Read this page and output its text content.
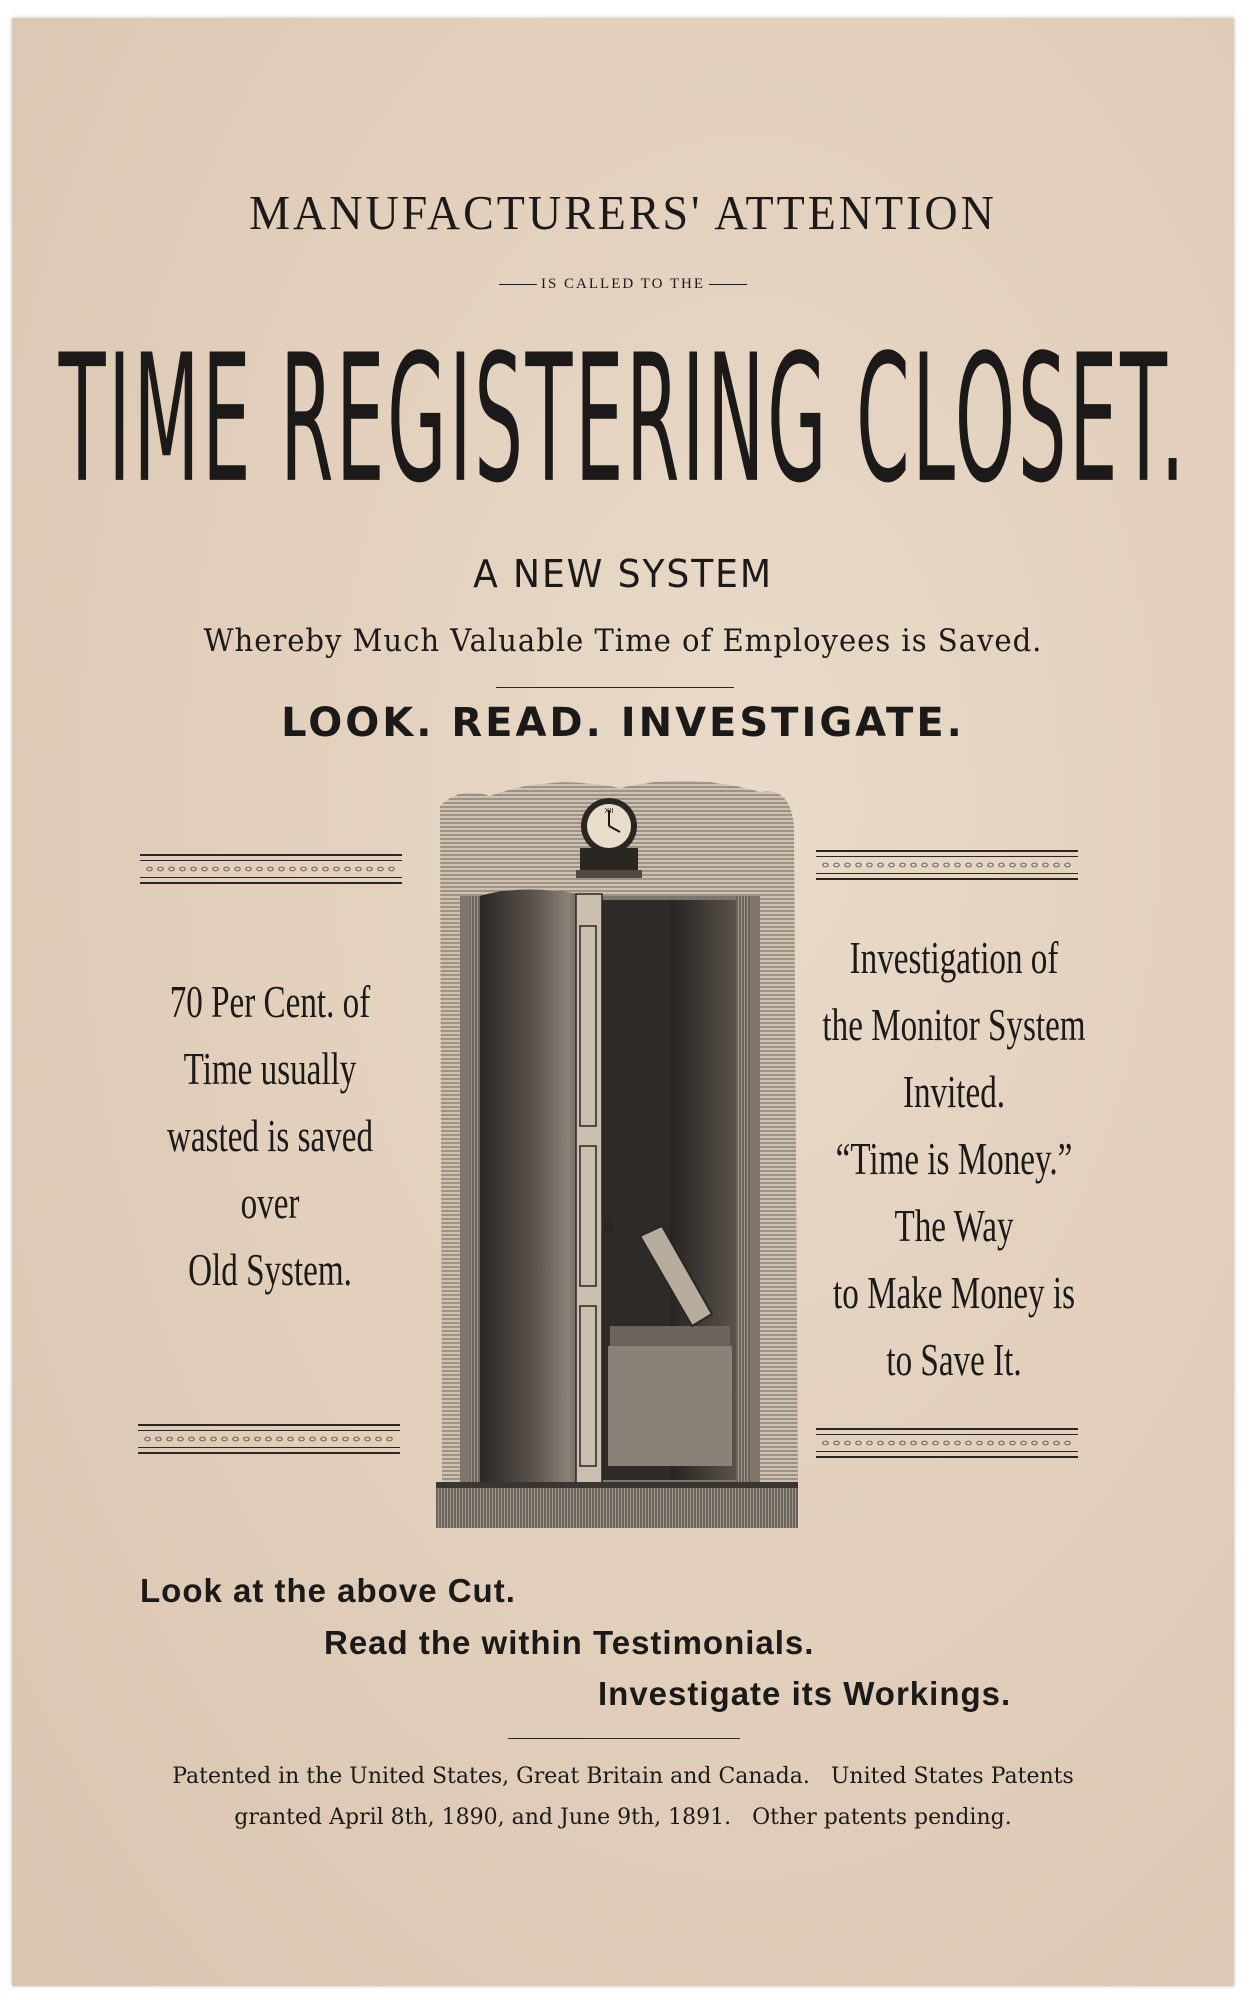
MANUFACTURERS' ATTENTION
IS CALLED TO THE
TIME REGISTERING CLOSET.
A NEW SYSTEM
Whereby Much Valuable Time of Employees is Saved.
LOOK. READ. INVESTIGATE.
70 Per Cent. of
Time usually
wasted is saved
over
Old System.
Investigation of
the Monitor System
Invited.
“Time is Money.”
The Way
to Make Money is
to Save It.
XII
Look at the above Cut.
Read the within Testimonials.
Investigate its Workings.
Patented in the United States, Great Britain and Canada.   United States Patents
granted April 8th, 1890, and June 9th, 1891.   Other patents pending.
